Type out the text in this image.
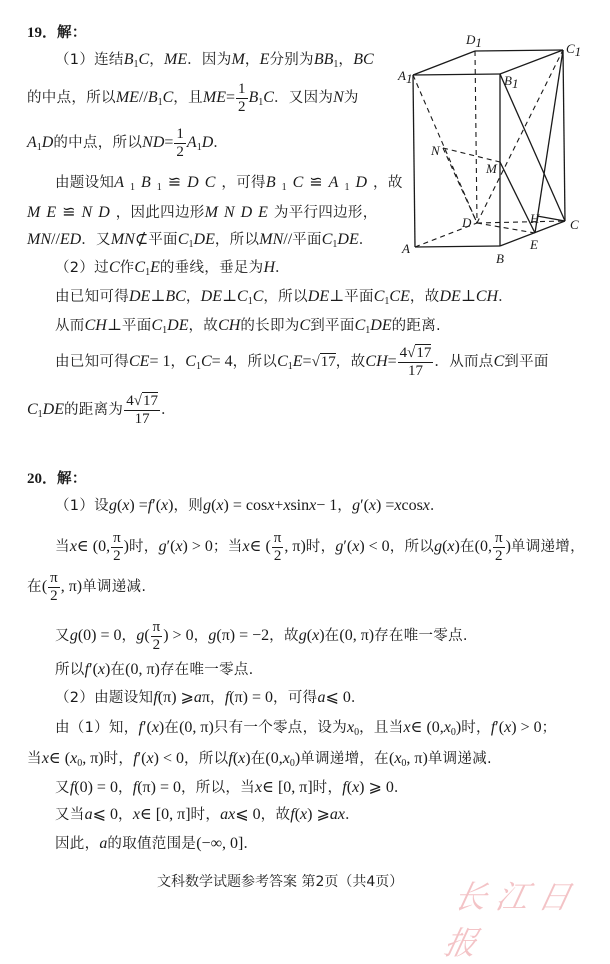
19． 解：
（1）连结 B 1 C ， ME ．因为 M ， E 分别为 BB 1 ， BC
的中点，所以 ME // B 1 C ，且 ME = $\frac{1}{2}$ B 1 C ．又因为 N 为
A 1 D 的中点，所以 ND = $\frac{1}{2}$ A 1 D ．
由题设知 A 1 B 1 ≌ DC ，可得 B 1 C ≌ A 1 D ，故
ME ≌ ND ，因此四边形 MNDE 为平行四边形，
MN // ED ．又 MN ⊄ 平面 C 1 DE ，所以 MN // 平面 C 1 DE ．
（2）过 C 作 C 1 E 的垂线，垂足为 H ．
由已知可得 DE ⊥ BC ， DE ⊥ C 1 C ，所以 DE ⊥ 平面 C 1 CE ，故 DE ⊥ CH ．
从而 CH ⊥ 平面 C 1 DE ，故 CH 的长即为 C 到平面 C 1 DE 的距离.
由已知可得 CE = 1 ， C 1 C = 4 ，所以 C 1 E = √17 ，故 CH = $\frac{4√17}{17}$ ．从而点 C 到平面
C 1 DE 的距离为 $\frac{4√17}{17}$ ．
D1	C1
A1	B1
N
M
D	H C
E
A
B
20． 解：
（1）设 g ( x ) = f ′( x ) ，则 g ( x ) = cos x + x sin x − 1 ， g ′( x ) = x cos x ．
当 x ∈ (0, $\frac{\pi}{2}$ ) 时， g ′( x ) > 0 ；当 x ∈ ( $\frac{\pi}{2}$ , π) 时， g ′( x ) < 0 ，所以 g ( x ) 在 (0, $\frac{\pi}{2}$ ) 单调递增，
在 ( $\frac{\pi}{2}$ , π) 单调递减.
又 g (0) = 0 ， g ( $\frac{\pi}{2}$ ) > 0 ， g (π) = −2 ，故 g ( x ) 在 (0, π) 存在唯一零点.
所以 f ′( x ) 在 (0, π) 存在唯一零点.
（2）由题设知 f (π) ⩾ a π ， f (π) = 0 ，可得 a ⩽ 0 ．
由（1）知， f ′( x ) 在 (0, π) 只有一个零点，设为 x 0 ，且当 x ∈ (0, x 0 ) 时， f ′( x ) > 0 ；
当 x ∈ ( x 0 , π) 时， f ′( x ) < 0 ，所以 f ( x ) 在 (0, x 0 ) 单调递增，在 ( x 0 , π) 单调递减.
又 f (0) = 0 ， f (π) = 0 ，所以，当 x ∈ [0, π] 时， f ( x ) ⩾ 0 ．
又当 a ⩽ 0 ， x ∈ [0, π] 时， ax ⩽ 0 ，故 f ( x ) ⩾ ax ．
因此， a 的取值范围是 (−∞, 0] ．
文科数学试题参考答案 第2页（共4页）	长江日报
